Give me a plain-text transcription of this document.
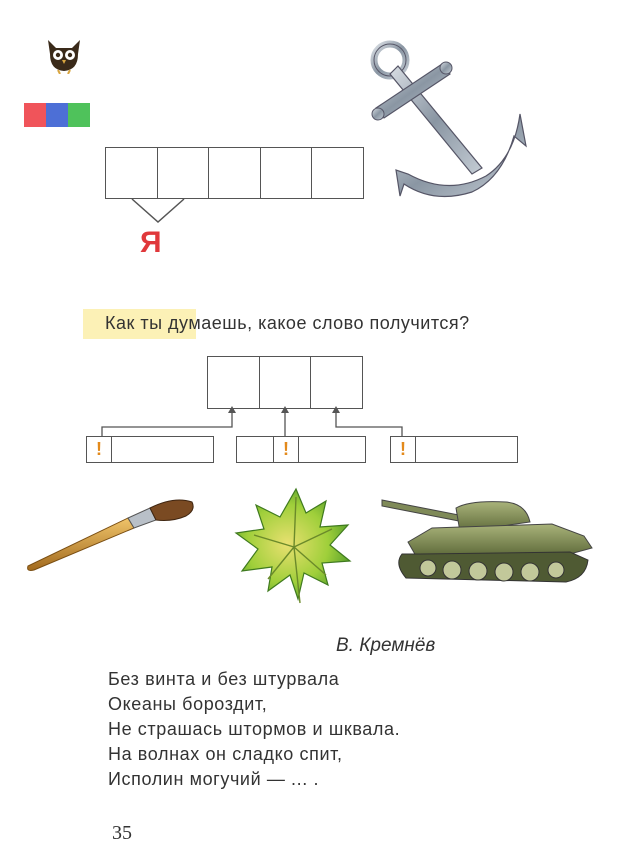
Я
Как ты думаешь, какое слово получится?
!	!	!
В. Кремнёв
Без винта и без штурвала
Океаны бороздит,
Не страшась штормов и шквала.
На волнах он сладко спит,
Исполин могучий — ... .
35
